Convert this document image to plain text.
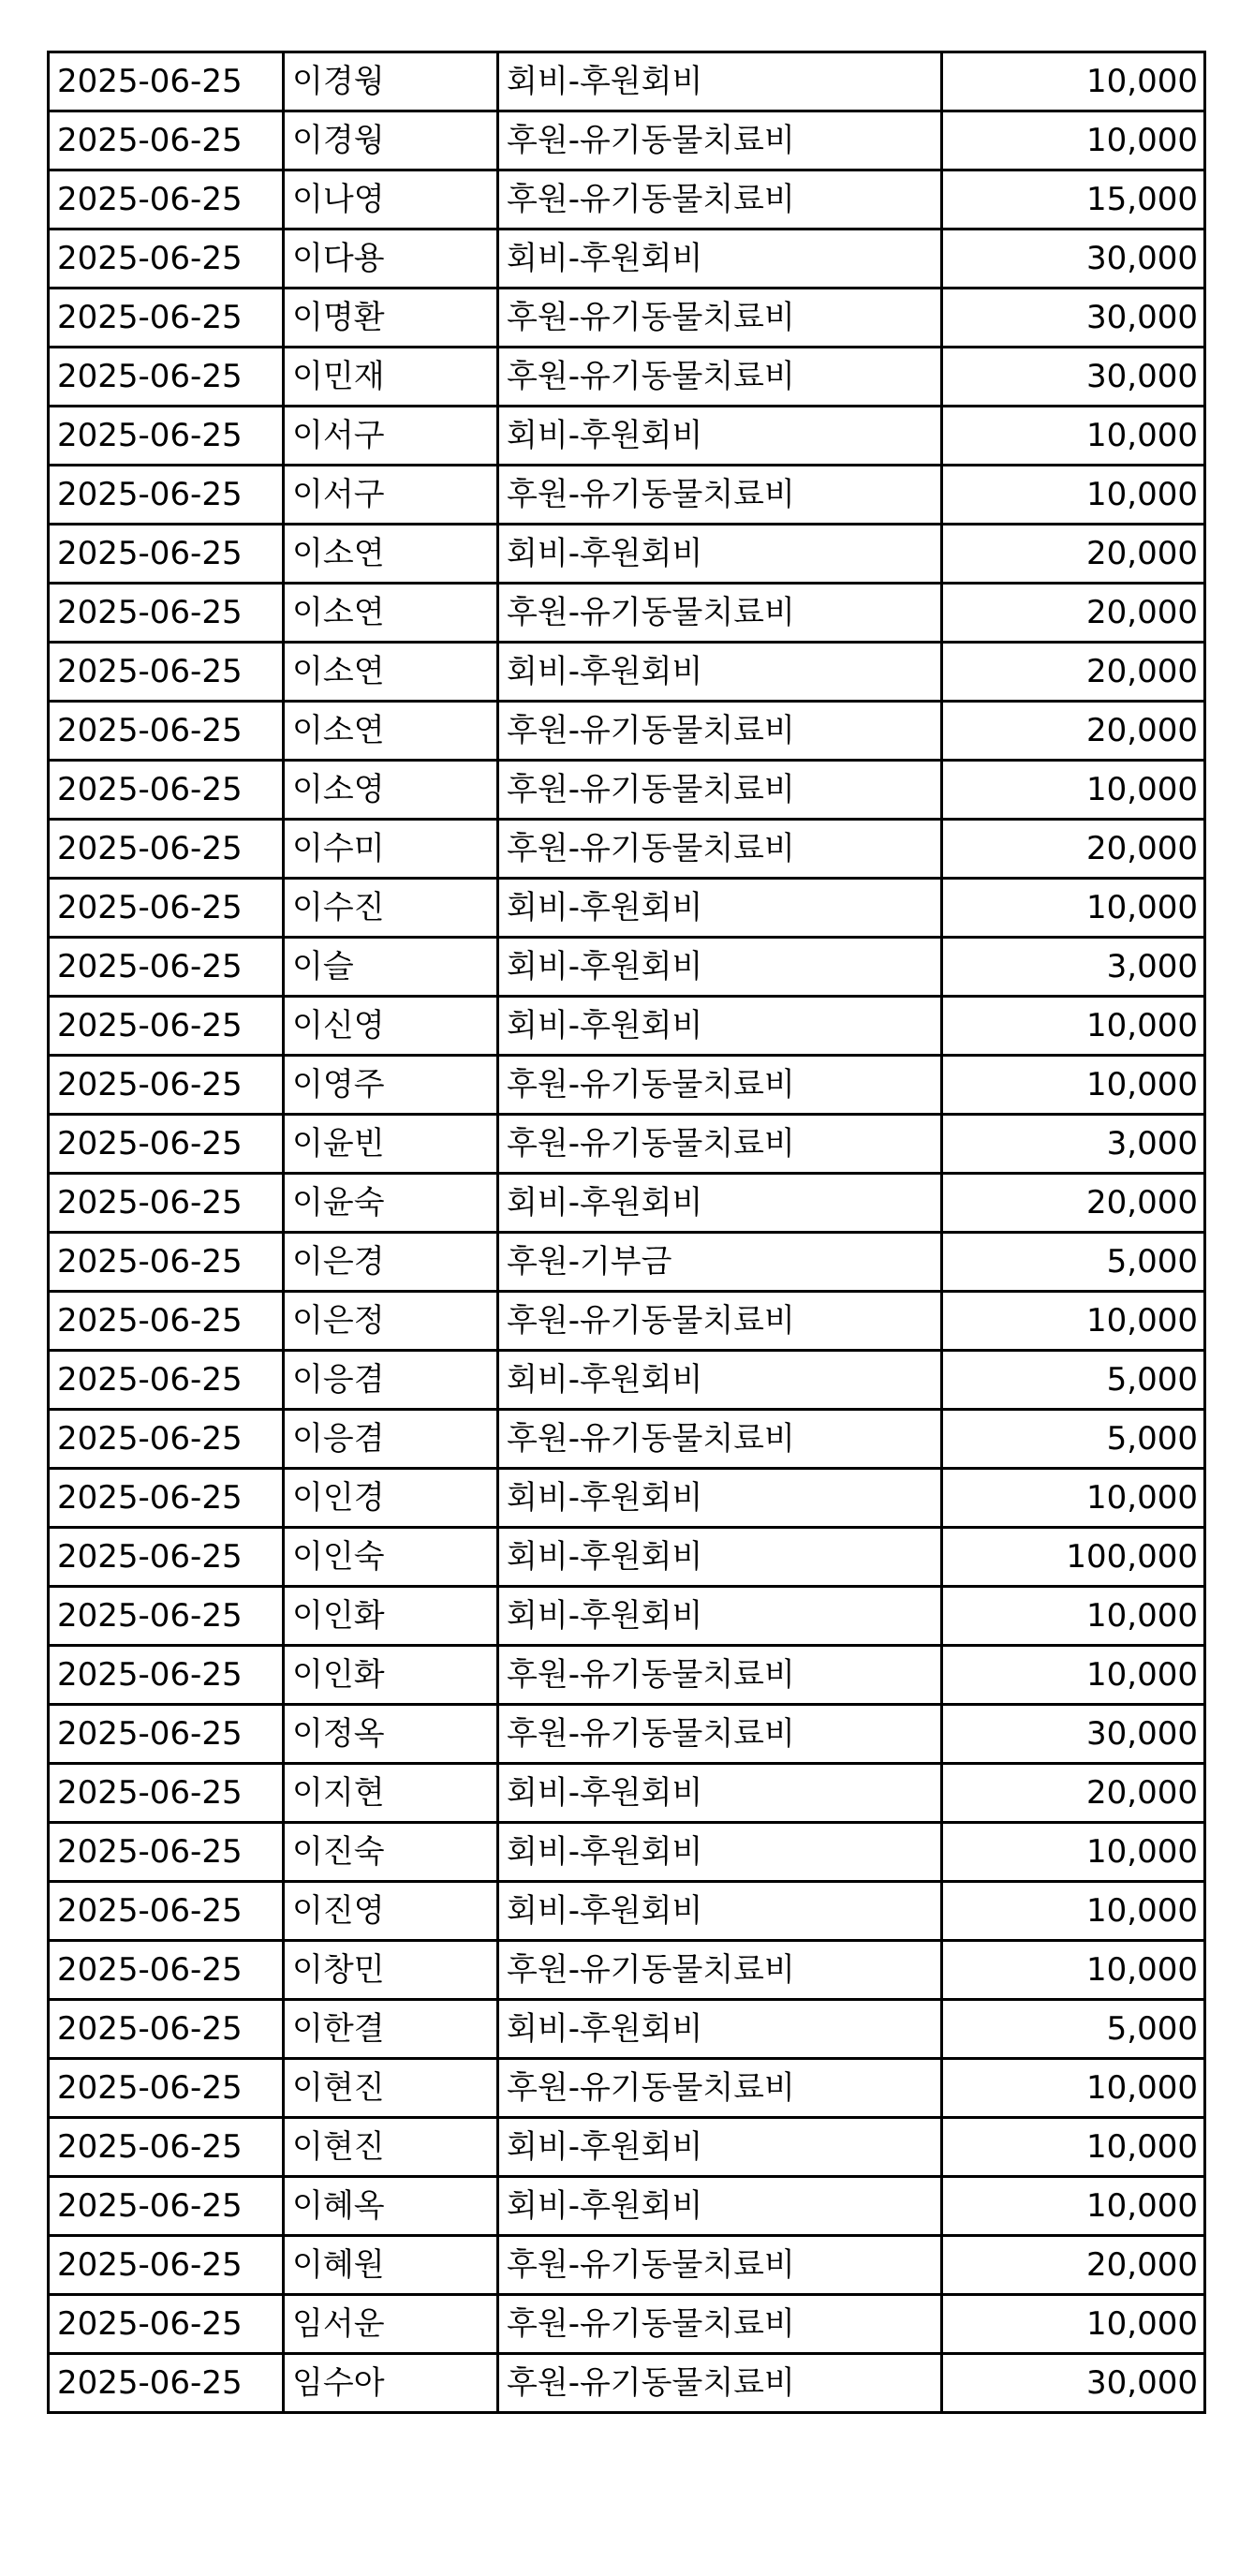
2025-06-25	이경웡	회비-후원회비	10,000
2025-06-25	이경웡	후원-유기동물치료비	10,000
2025-06-25	이나영	후원-유기동물치료비	15,000
2025-06-25	이다용	회비-후원회비	30,000
2025-06-25	이명환	후원-유기동물치료비	30,000
2025-06-25	이민재	후원-유기동물치료비	30,000
2025-06-25	이서구	회비-후원회비	10,000
2025-06-25	이서구	후원-유기동물치료비	10,000
2025-06-25	이소연	회비-후원회비	20,000
2025-06-25	이소연	후원-유기동물치료비	20,000
2025-06-25	이소연	회비-후원회비	20,000
2025-06-25	이소연	후원-유기동물치료비	20,000
2025-06-25	이소영	후원-유기동물치료비	10,000
2025-06-25	이수미	후원-유기동물치료비	20,000
2025-06-25	이수진	회비-후원회비	10,000
2025-06-25	이슬	회비-후원회비	3,000
2025-06-25	이신영	회비-후원회비	10,000
2025-06-25	이영주	후원-유기동물치료비	10,000
2025-06-25	이윤빈	후원-유기동물치료비	3,000
2025-06-25	이윤숙	회비-후원회비	20,000
2025-06-25	이은경	후원-기부금	5,000
2025-06-25	이은정	후원-유기동물치료비	10,000
2025-06-25	이응겸	회비-후원회비	5,000
2025-06-25	이응겸	후원-유기동물치료비	5,000
2025-06-25	이인경	회비-후원회비	10,000
2025-06-25	이인숙	회비-후원회비	100,000
2025-06-25	이인화	회비-후원회비	10,000
2025-06-25	이인화	후원-유기동물치료비	10,000
2025-06-25	이정옥	후원-유기동물치료비	30,000
2025-06-25	이지현	회비-후원회비	20,000
2025-06-25	이진숙	회비-후원회비	10,000
2025-06-25	이진영	회비-후원회비	10,000
2025-06-25	이창민	후원-유기동물치료비	10,000
2025-06-25	이한결	회비-후원회비	5,000
2025-06-25	이현진	후원-유기동물치료비	10,000
2025-06-25	이현진	회비-후원회비	10,000
2025-06-25	이혜옥	회비-후원회비	10,000
2025-06-25	이혜원	후원-유기동물치료비	20,000
2025-06-25	임서운	후원-유기동물치료비	10,000
2025-06-25	임수아	후원-유기동물치료비	30,000
